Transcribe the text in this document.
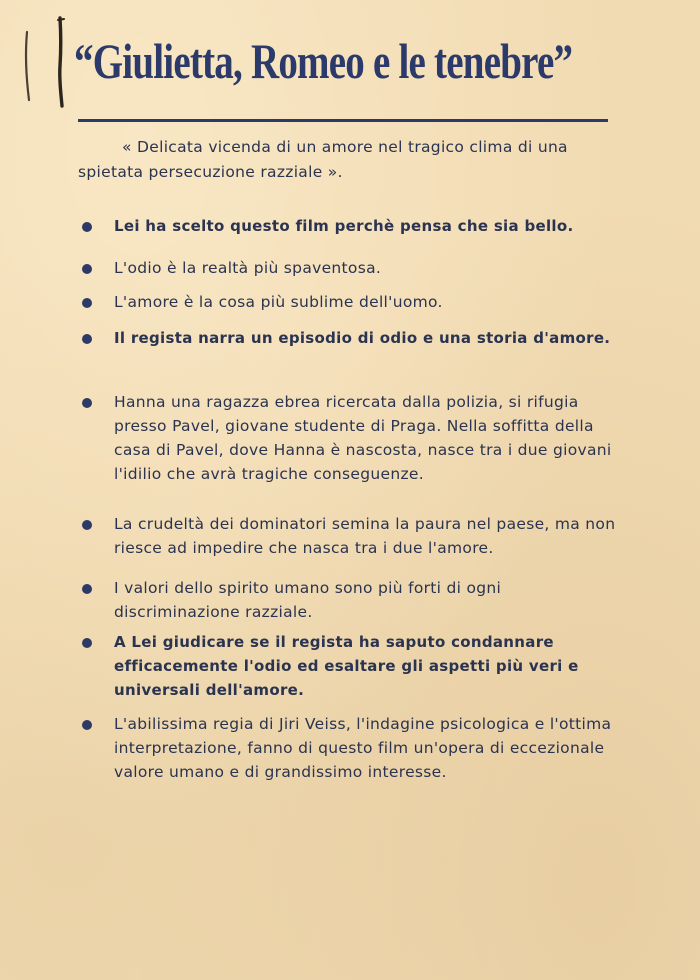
“Giulietta, Romeo e le tenebre”

« Delicata vicenda di un amore nel tragico clima di una spietata persecuzione razziale ».

Lei ha scelto questo film perchè pensa che sia bello.
L'odio è la realtà più spaventosa.
L'amore è la cosa più sublime dell'uomo.
Il regista narra un episodio di odio e una storia d'amore.
Hanna una ragazza ebrea ricercata dalla polizia, si rifugia presso Pavel, giovane studente di Praga. Nella soffitta della casa di Pavel, dove Hanna è nascosta, nasce tra i due giovani l'idilio che avrà tragiche conseguenze.
La crudeltà dei dominatori semina la paura nel paese, ma non riesce ad impedire che nasca tra i due l'amore.
I valori dello spirito umano sono più forti di ogni discriminazione razziale.
A Lei giudicare se il regista ha saputo condannare efficacemente l'odio ed esaltare gli aspetti più veri e universali dell'amore.
L'abilissima regia di Jiri Veiss, l'indagine psicologica e l'ottima interpretazione, fanno di questo film un'opera di eccezionale valore umano e di grandissimo interesse.
